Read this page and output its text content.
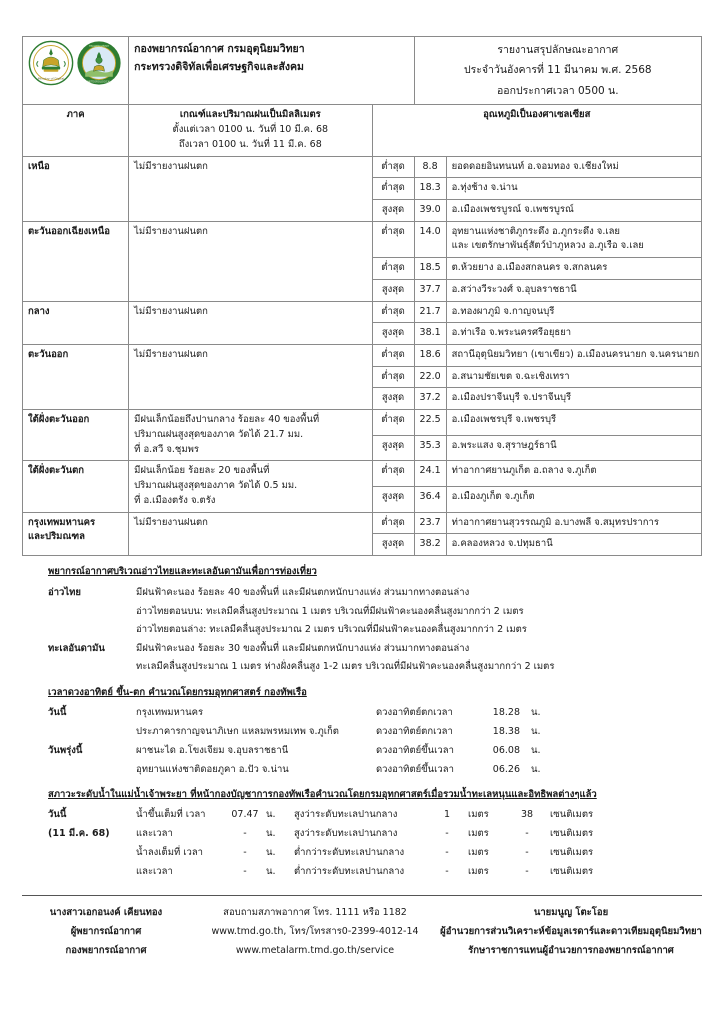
Ministry of Digital
กรมอุตุนิยมวิทยา
METEOROLOGICAL

กองพยากรณ์อากาศ กรมอุตุนิยมวิทยา
กระทรวงดิจิทัลเพื่อเศรษฐกิจและสังคม

รายงานสรุปลักษณะอากาศ
ประจำวันอังคารที่ 11 มีนาคม พ.ศ. 2568
ออกประกาศเวลา 0500 น.

ภาค	เกณฑ์และปริมาณฝนเป็นมิลลิเมตร
ตั้งแต่เวลา 0100 น. วันที่ 10 มี.ค. 68
ถึงเวลา 0100 น. วันที่ 11 มี.ค. 68	อุณหภูมิเป็นองศาเซลเซียส		
เหนือ	ไม่มีรายงานฝนตก	ต่ำสุด	8.8	ยอดดอยอินทนนท์ อ.จอมทอง จ.เชียงใหม่
		ต่ำสุด	18.3	อ.ทุ่งช้าง จ.น่าน
		สูงสุด	39.0	อ.เมืองเพชรบูรณ์ จ.เพชรบูรณ์
ตะวันออกเฉียงเหนือ	ไม่มีรายงานฝนตก	ต่ำสุด	14.0	อุทยานแห่งชาติภูกระดึง อ.ภูกระดึง จ.เลย
และ เขตรักษาพันธุ์สัตว์ป่าภูหลวง อ.ภูเรือ จ.เลย

		ต่ำสุด	18.5	ต.ห้วยยาง อ.เมืองสกลนคร จ.สกลนคร
		สูงสุด	37.7	อ.สว่างวีระวงศ์ จ.อุบลราชธานี
กลาง	ไม่มีรายงานฝนตก	ต่ำสุด	21.7	อ.ทองผาภูมิ จ.กาญจนบุรี
		สูงสุด	38.1	อ.ท่าเรือ จ.พระนครศรีอยุธยา
ตะวันออก	ไม่มีรายงานฝนตก	ต่ำสุด	18.6	สถานีอุตุนิยมวิทยา (เขาเขียว) อ.เมืองนครนายก จ.นครนายก
		ต่ำสุด	22.0	อ.สนามชัยเขต จ.ฉะเชิงเทรา
		สูงสุด	37.2	อ.เมืองปราจีนบุรี จ.ปราจีนบุรี
ใต้ฝั่งตะวันออก	มีฝนเล็กน้อยถึงปานกลาง ร้อยละ 40 ของพื้นที่
ปริมาณฝนสูงสุดของภาค วัดได้ 21.7 มม.
ที่ อ.สวี จ.ชุมพร	ต่ำสุด	22.5	อ.เมืองเพชรบุรี จ.เพชรบุรี
		สูงสุด	35.3	อ.พระแสง จ.สุราษฎร์ธานี
ใต้ฝั่งตะวันตก	มีฝนเล็กน้อย ร้อยละ 20 ของพื้นที่
ปริมาณฝนสูงสุดของภาค วัดได้ 0.5 มม.
ที่ อ.เมืองตรัง จ.ตรัง	ต่ำสุด	24.1	ท่าอากาศยานภูเก็ต อ.ถลาง จ.ภูเก็ต
		สูงสุด	36.4	อ.เมืองภูเก็ต จ.ภูเก็ต

กรุงเทพมหานคร
และปริมณฑล	ไม่มีรายงานฝนตก	ต่ำสุด	23.7	ท่าอากาศยานสุวรรณภูมิ อ.บางพลี จ.สมุทรปราการ
		สูงสุด	38.2	อ.คลองหลวง จ.ปทุมธานี
พยากรณ์อากาศบริเวณอ่าวไทยและทะเลอันดามันเพื่อการท่องเที่ยว
อ่าวไทย	มีฝนฟ้าคะนอง ร้อยละ 40 ของพื้นที่ และมีฝนตกหนักบางแห่ง ส่วนมากทางตอนล่าง
อ่าวไทยตอนบน: ทะเลมีคลื่นสูงประมาณ 1 เมตร บริเวณที่มีฝนฟ้าคะนองคลื่นสูงมากกว่า 2 เมตร
อ่าวไทยตอนล่าง: ทะเลมีคลื่นสูงประมาณ 2 เมตร บริเวณที่มีฝนฟ้าคะนองคลื่นสูงมากกว่า 2 เมตร
ทะเลอันดามัน	มีฝนฟ้าคะนอง ร้อยละ 30 ของพื้นที่ และมีฝนตกหนักบางแห่ง ส่วนมากทางตอนล่าง
ทะเลมีคลื่นสูงประมาณ 1 เมตร ห่างฝั่งคลื่นสูง 1-2 เมตร บริเวณที่มีฝนฟ้าคะนองคลื่นสูงมากกว่า 2 เมตร
เวลาดวงอาทิตย์ ขึ้น-ตก คำนวณโดยกรมอุทกศาสตร์ กองทัพเรือ
วันนี้	กรุงเทพมหานคร	ดวงอาทิตย์ตกเวลา	18.28	น.
ประภาคารกาญจนาภิเษก แหลมพรหมเทพ จ.ภูเก็ต	ดวงอาทิตย์ตกเวลา	18.38	น.
วันพรุ่งนี้	ผาชนะได อ.โขงเจียม จ.อุบลราชธานี	ดวงอาทิตย์ขึ้นเวลา	06.08	น.
อุทยานแห่งชาติดอยภูคา อ.ปัว จ.น่าน	ดวงอาทิตย์ขึ้นเวลา	06.26	น.
สภาวะระดับน้ำในแม่น้ำเจ้าพระยา ที่หน้ากองบัญชาการกองทัพเรือคำนวณโดยกรมอุทกศาสตร์เมื่อรวมน้ำทะเลหนุนและอิทธิพลต่างๆแล้ว
วันนี้	น้ำขึ้นเต็มที่ เวลา	07.47 น.	สูงว่าระดับทะเลปานกลาง	1	เมตร	38	เซนติเมตร
(11 มี.ค. 68)	และเวลา	-	น.	สูงว่าระดับทะเลปานกลาง	-	เมตร	-	เซนติเมตร
น้ำลงเต็มที่ เวลา	-	น.	ต่ำกว่าระดับทะเลปานกลาง	-	เมตร	-	เซนติเมตร
และเวลา	-	น.	ต่ำกว่าระดับทะเลปานกลาง	-	เมตร	-	เซนติเมตร
นางสาวเอกอนงค์ เคียนทอง
ผู้พยากรณ์อากาศ
กองพยากรณ์อากาศ
สอบถามสภาพอากาศ โทร. 1111 หรือ 1182
www.tmd.go.th, โทร/โทรสาร0-2399-4012-14
www.metalarm.tmd.go.th/service
นายมนูญ โตะโอย
ผู้อำนวยการส่วนวิเคราะห์ข้อมูลเรดาร์และดาวเทียมอุตุนิยมวิทยา
รักษาราชการแทนผู้อำนวยการกองพยากรณ์อากาศ
